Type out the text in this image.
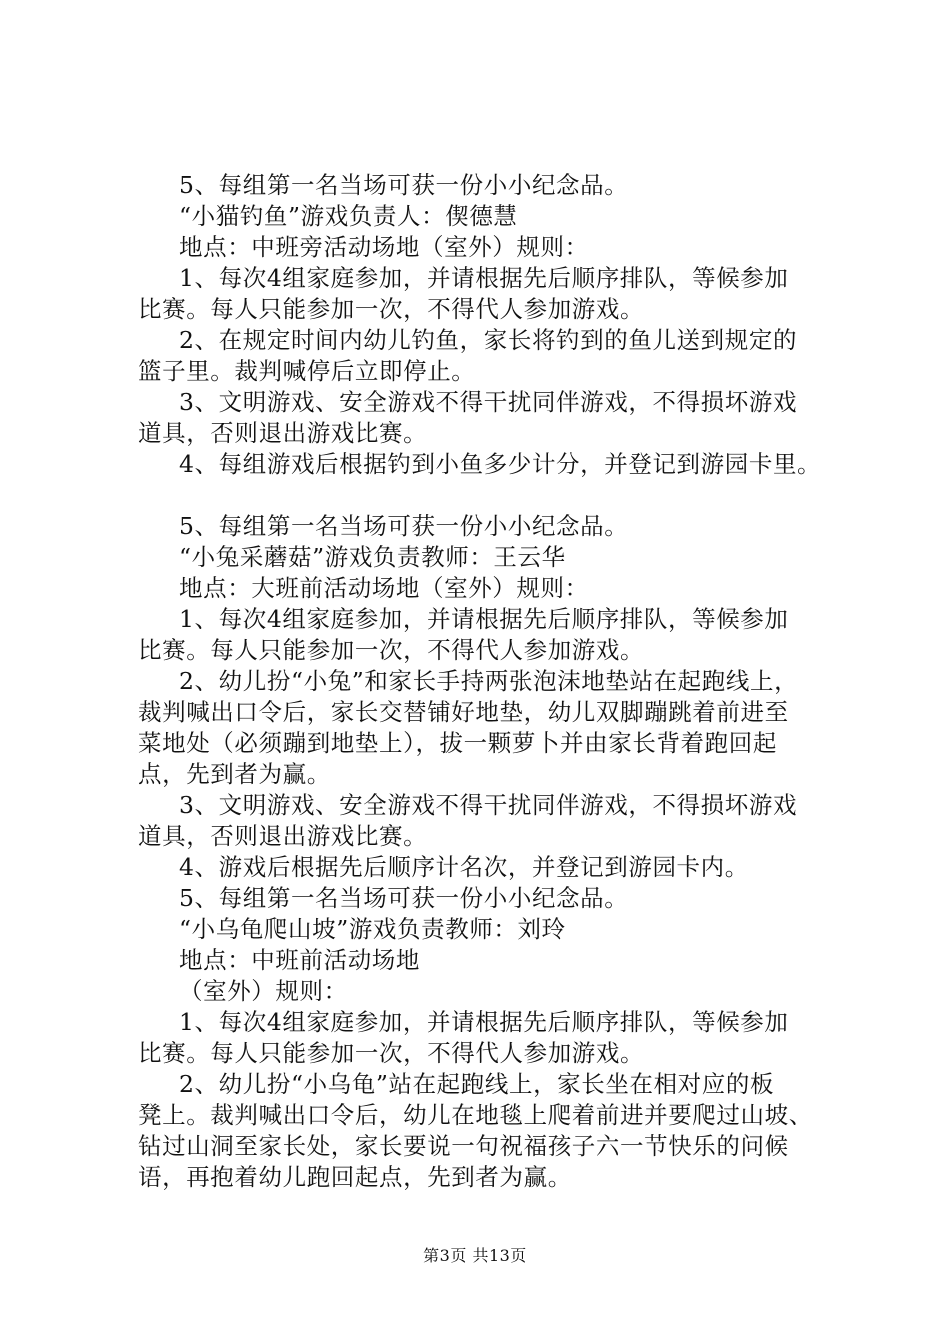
5、每组第一名当场可获一份小小纪念品。
“小猫钓鱼”游戏负责人：偰德慧
地点：中班旁活动场地（室外）规则：
1、每次4组家庭参加，并请根据先后顺序排队，等候参加
比赛。每人只能参加一次，不得代人参加游戏。
2、在规定时间内幼儿钓鱼，家长将钓到的鱼儿送到规定的
篮子里。裁判喊停后立即停止。
3、文明游戏、安全游戏不得干扰同伴游戏，不得损坏游戏
道具，否则退出游戏比赛。
4、每组游戏后根据钓到小鱼多少计分，并登记到游园卡里。
5、每组第一名当场可获一份小小纪念品。
“小兔采蘑菇”游戏负责教师：王云华
地点：大班前活动场地（室外）规则：
1、每次4组家庭参加，并请根据先后顺序排队，等候参加
比赛。每人只能参加一次，不得代人参加游戏。
2、幼儿扮“小兔”和家长手持两张泡沫地垫站在起跑线上，
裁判喊出口令后，家长交替铺好地垫，幼儿双脚蹦跳着前进至
菜地处（必须蹦到地垫上），拔一颗萝卜并由家长背着跑回起
点，先到者为赢。
3、文明游戏、安全游戏不得干扰同伴游戏，不得损坏游戏
道具，否则退出游戏比赛。
4、游戏后根据先后顺序计名次，并登记到游园卡内。
5、每组第一名当场可获一份小小纪念品。
“小乌龟爬山坡”游戏负责教师：刘玲
地点：中班前活动场地
（室外）规则：
1、每次4组家庭参加，并请根据先后顺序排队，等候参加
比赛。每人只能参加一次，不得代人参加游戏。
2、幼儿扮“小乌龟”站在起跑线上，家长坐在相对应的板
凳上。裁判喊出口令后，幼儿在地毯上爬着前进并要爬过山坡、
钻过山洞至家长处，家长要说一句祝福孩子六一节快乐的问候
语，再抱着幼儿跑回起点，先到者为赢。
第3页 共13页
